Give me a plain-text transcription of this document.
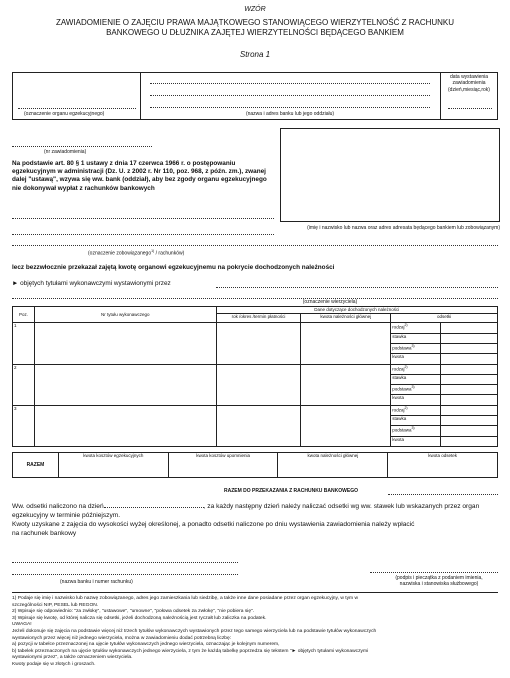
WZÓR
ZAWIADOMIENIE O ZAJĘCIU PRAWA MAJĄTKOWEGO STANOWIĄCEGO WIERZYTELNOŚĆ Z RACHUNKU
BANKOWEGO U DŁUŻNIKA ZAJĘTEJ WIERZYTELNOŚCI BĘDĄCEGO BANKIEM
Strona 1
(oznaczenie organu egzekucyjnego)	(nazwa i adres banku lub jego oddziału)
data wystawienia
zawiadomienia
(dzień,miesiąc,rok)
(nr zawiadomienia)
Na podstawie art. 80 § 1 ustawy z dnia 17 czerwca 1966 r. o postępowaniu egzekucyjnym w administracji (Dz. U. z 2002 r. Nr 110, poz. 968, z późn. zm.), zwanej dalej "ustawą", wzywa się ww. bank (oddział), aby bez zgody organu egzekucyjnego nie dokonywał wypłat z rachunków bankowych
(imię i nazwisko lub nazwa oraz adres adresata będącego bankiem lub zobowiązanym)
(oznaczenie zobowiązanego$^{1)}$ / rachunków)
lecz bezzwłocznie przekazał zajętą kwotę organowi egzekucyjnemu na pokrycie dochodzonych należności
► objętych tytułami wykonawczymi wystawionymi przez
(oznaczenie wierzyciela)
Poz.	Nr tytułu wykonawczego	Dane dotyczące dochodzonych należności			
		rok /okres /termin płatności	kwota należności głównej	odsetki	
1				rodzaj$^{2)}$	
				stawka	
				podstawa$^{3)}$	
				kwota	
2				rodzaj$^{2)}$	
				stawka	
				podstawa$^{3)}$	
				kwota	
3				rodzaj$^{2)}$	
				stawka	
				podstawa$^{3)}$	
				kwota	
RAZEM	kwota kosztów egzekucyjnych	kwota kosztów upomnienia	kwota należności głównej	kwota odsetek

RAZEM DO PRZEKAZANIA Z RACHUNKU BANKOWEGO
Ww. odsetki naliczono na dzień	, za każdy następny dzień należy naliczać odsetki wg ww. stawek lub wskazanych przez organ
egzekucyjny w terminie późniejszym.
Kwoty uzyskane z zajęcia do wysokości wyżej określonej, a ponadto odsetki naliczone po dniu wystawienia zawiadomienia należy wpłacić
na rachunek bankowy
(nazwa banku i numer rachunku)
(podpis i pieczątka z podaniem imienia,
nazwiska i stanowiska służbowego)
1) Podaje się imię i nazwisko lub nazwę zobowiązanego, adres jego zamieszkania lub siedzibę, a także inne dane posiadane przez organ egzekucyjny, w tym w
szczególności NIP, PESEL lub REGON.
2) Wpisuje się odpowiednio: "za zwłokę", "ustawowe", "umowne", "połowa odsetek za zwłokę", "nie pobiera się".
3) Wpisuje się kwotę, od której nalicza się odsetki, jeżeli dochodzoną należnością jest ryczałt lub zaliczka na podatek.
UWAGA!
Jeżeli dokonuje się zajęcia na podstawie więcej niż trzech tytułów wykonawczych wystawionych przez tego samego wierzyciela lub na podstawie tytułów wykonawczych
wystawionych przez więcej niż jednego wierzyciela, można w zawiadomieniu dodać potrzebną liczbę:
a) pozycji w tabelce przeznaczonej na ujęcie tytułów wykonawczych jednego wierzyciela, oznaczając je kolejnym numerem,
b) tabelek przeznaczonych na ujęcie tytułów wykonawczych jednego wierzyciela, z tym że każdą tabelkę poprzedza się tekstem "► objętych tytułami wykonawczymi
wystawionymi przez", a także oznaczeniem wierzyciela.
Kwoty podaje się w złotych i groszach.
